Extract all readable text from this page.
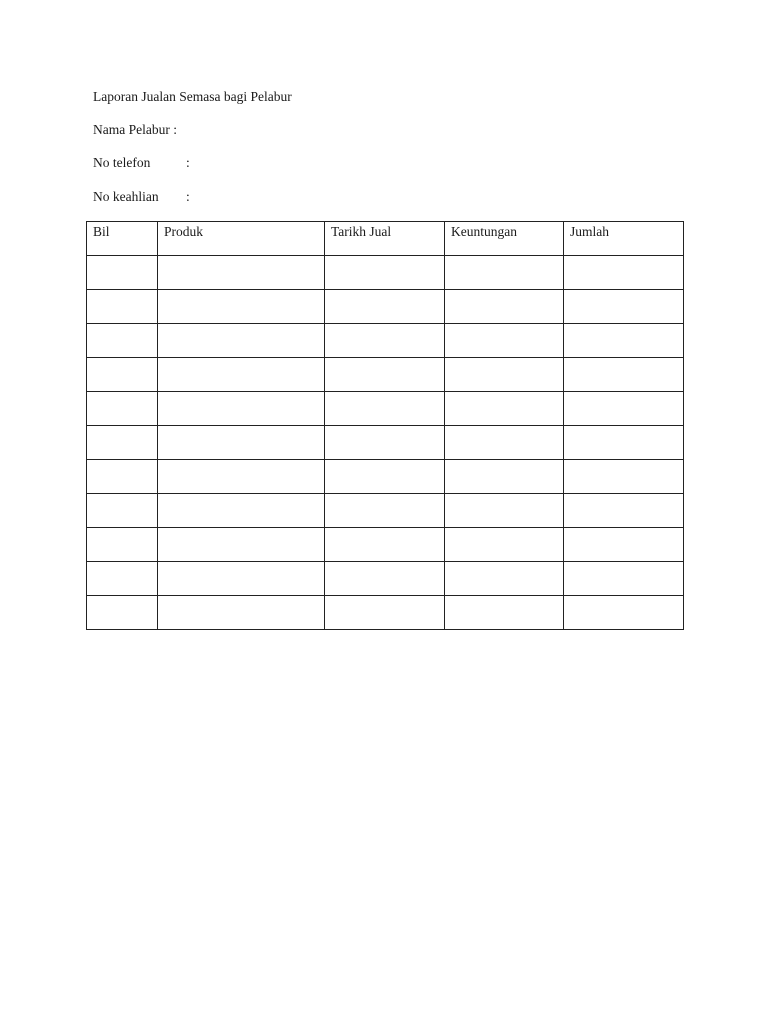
Laporan Jualan Semasa bagi Pelabur
Nama Pelabur :
No telefon	:
No keahlian :
Bil	Produk	Tarikh Jual	Keuntungan	Jumlah
